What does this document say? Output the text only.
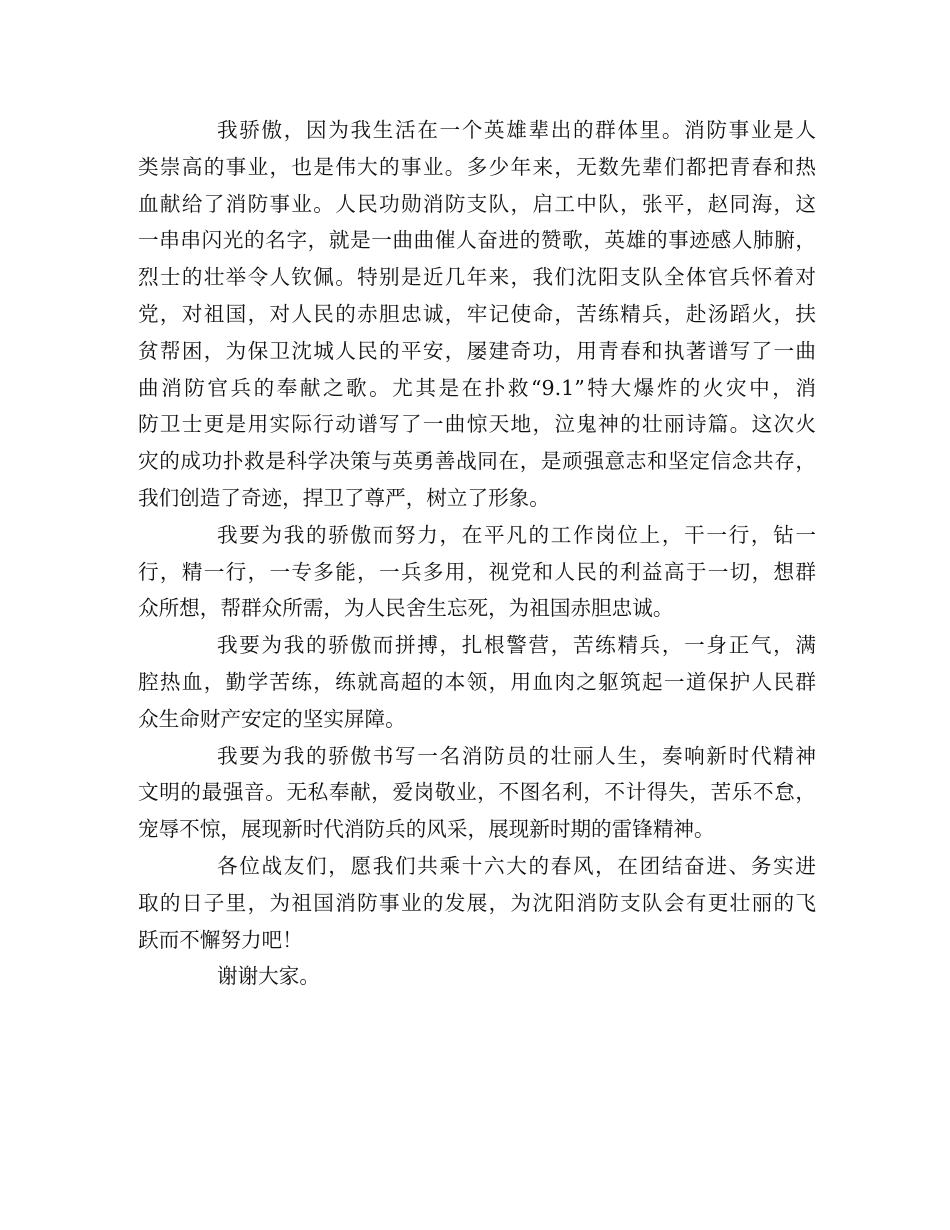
我骄傲，因为我生活在一个英雄辈出的群体里。消防事业是人
类崇高的事业，也是伟大的事业。多少年来，无数先辈们都把青春和热
血献给了消防事业。人民功勋消防支队，启工中队，张平，赵同海，这
一串串闪光的名字，就是一曲曲催人奋进的赞歌，英雄的事迹感人肺腑，
烈士的壮举令人钦佩。特别是近几年来，我们沈阳支队全体官兵怀着对
党，对祖国，对人民的赤胆忠诚，牢记使命，苦练精兵，赴汤蹈火，扶
贫帮困，为保卫沈城人民的平安，屡建奇功，用青春和执著谱写了一曲
曲消防官兵的奉献之歌。尤其是在扑救“9.1”特大爆炸的火灾中，消
防卫士更是用实际行动谱写了一曲惊天地，泣鬼神的壮丽诗篇。这次火
灾的成功扑救是科学决策与英勇善战同在，是顽强意志和坚定信念共存，
我们创造了奇迹，捍卫了尊严，树立了形象。
我要为我的骄傲而努力，在平凡的工作岗位上，干一行，钻一
行，精一行，一专多能，一兵多用，视党和人民的利益高于一切，想群
众所想，帮群众所需，为人民舍生忘死，为祖国赤胆忠诚。
我要为我的骄傲而拼搏，扎根警营，苦练精兵，一身正气，满
腔热血，勤学苦练，练就高超的本领，用血肉之躯筑起一道保护人民群
众生命财产安定的坚实屏障。
我要为我的骄傲书写一名消防员的壮丽人生，奏响新时代精神
文明的最强音。无私奉献，爱岗敬业，不图名利，不计得失，苦乐不怠，
宠辱不惊，展现新时代消防兵的风采，展现新时期的雷锋精神。
各位战友们，愿我们共乘十六大的春风，在团结奋进、务实进
取的日子里，为祖国消防事业的发展，为沈阳消防支队会有更壮丽的飞
跃而不懈努力吧！
谢谢大家。
